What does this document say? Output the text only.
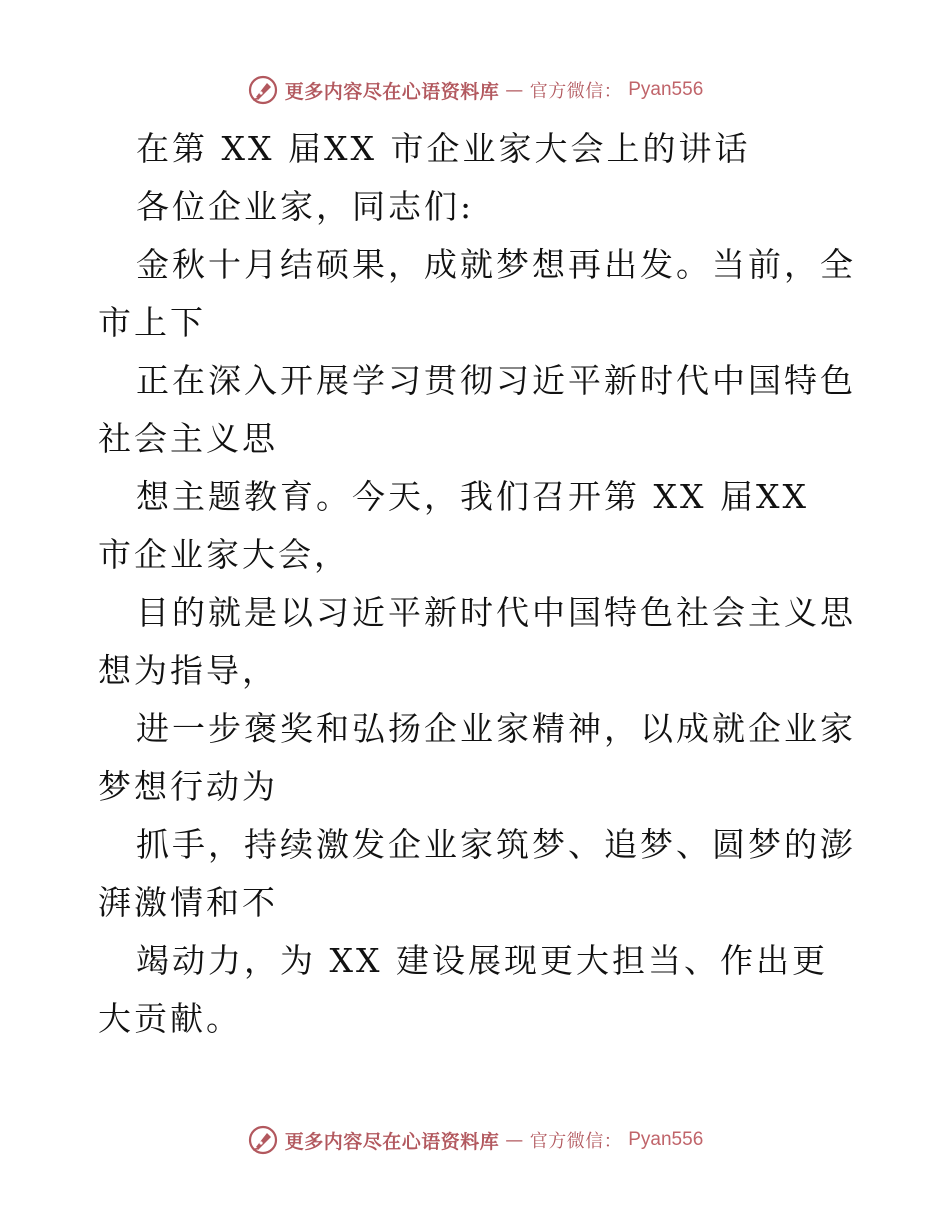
更多内容尽在心语资料库 — 官方微信： Pyan556

在第 XX 届XX 市企业家大会上的讲话

各位企业家，同志们:

金秋十月结硕果，成就梦想再出发。当前，全市上下

正在深入开展学习贯彻习近平新时代中国特色社会主义思

想主题教育。今天，我们召开第 XX 届XX 市企业家大会，

目的就是以习近平新时代中国特色社会主义思想为指导，

进一步褒奖和弘扬企业家精神，以成就企业家梦想行动为

抓手，持续激发企业家筑梦、追梦、圆梦的澎湃激情和不

竭动力，为 XX 建设展现更大担当、作出更大贡献。

更多内容尽在心语资料库 — 官方微信： Pyan556
